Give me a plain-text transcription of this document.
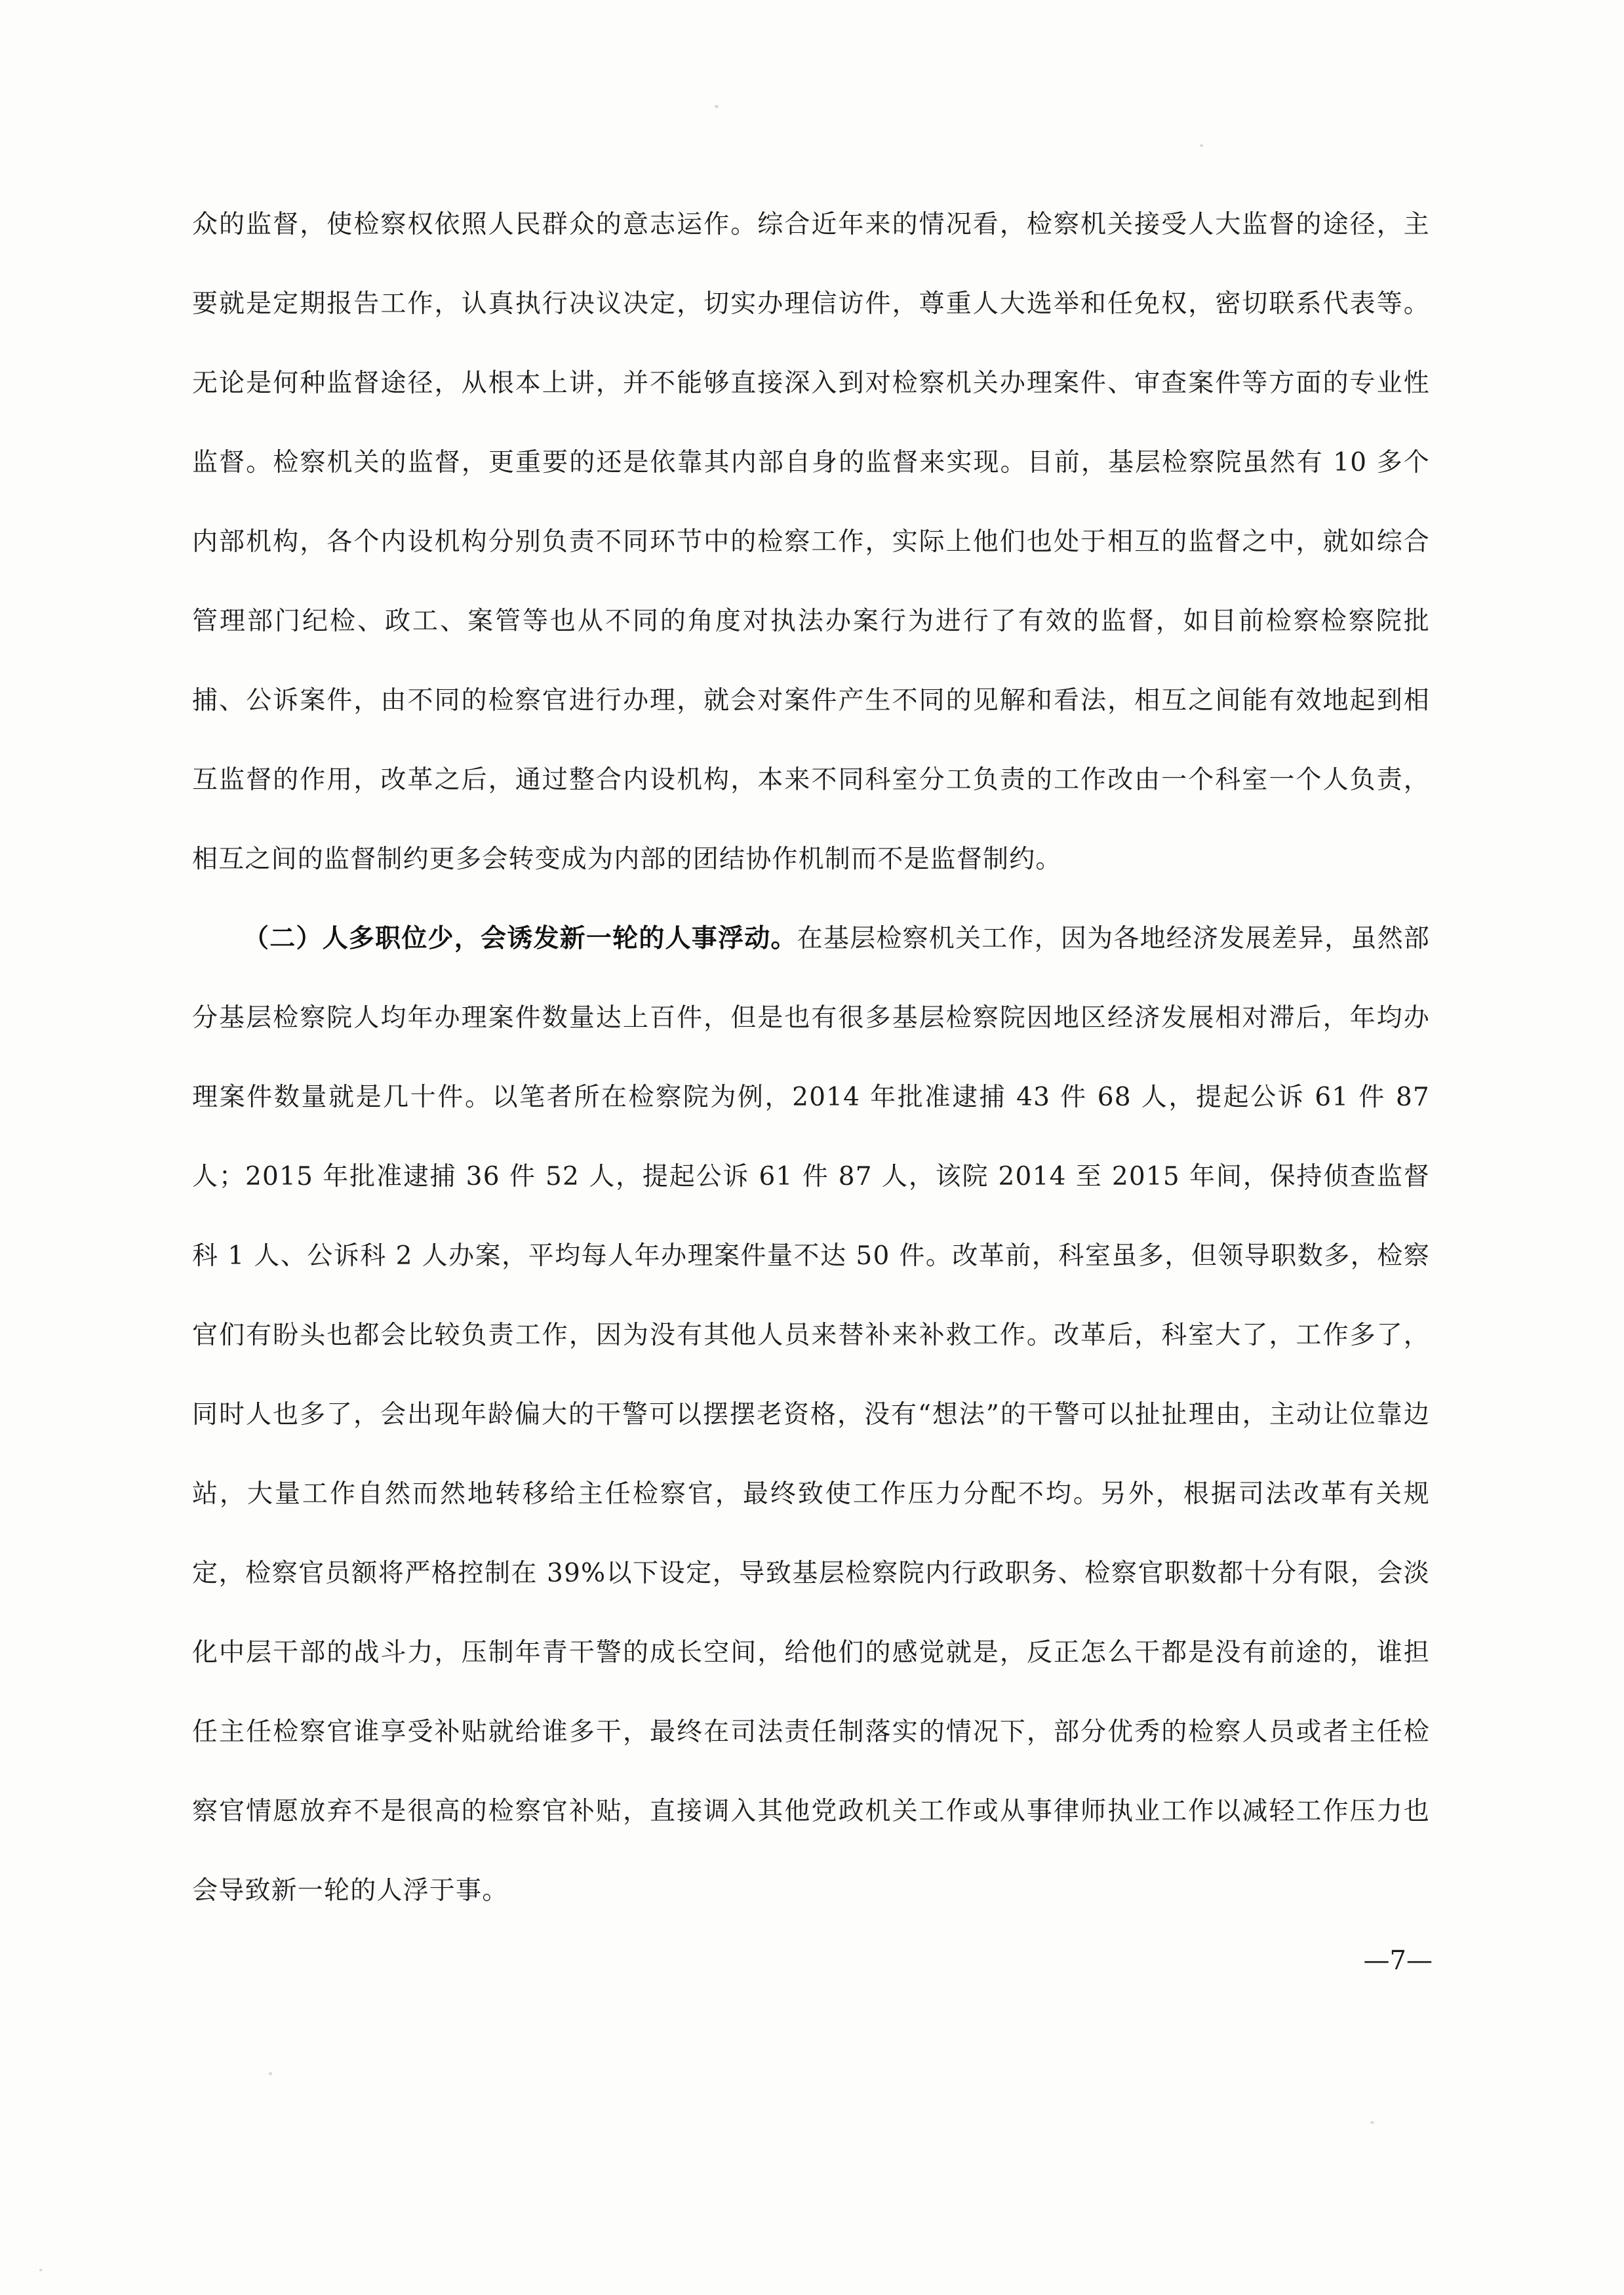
众的监督，使检察权依照人民群众的意志运作。综合近年来的情况看，检察机关接受人大监督的途径，主要就是定期报告工作，认真执行决议决定，切实办理信访件，尊重人大选举和任免权，密切联系代表等。无论是何种监督途径，从根本上讲，并不能够直接深入到对检察机关办理案件、审查案件等方面的专业性监督。检察机关的监督，更重要的还是依靠其内部自身的监督来实现。目前，基层检察院虽然有 10 多个内部机构，各个内设机构分别负责不同环节中的检察工作，实际上他们也处于相互的监督之中，就如综合管理部门纪检、政工、案管等也从不同的角度对执法办案行为进行了有效的监督，如目前检察检察院批捕、公诉案件，由不同的检察官进行办理，就会对案件产生不同的见解和看法，相互之间能有效地起到相互监督的作用，改革之后，通过整合内设机构，本来不同科室分工负责的工作改由一个科室一个人负责，相互之间的监督制约更多会转变成为内部的团结协作机制而不是监督制约。

（二）人多职位少，会诱发新一轮的人事浮动。在基层检察机关工作，因为各地经济发展差异，虽然部分基层检察院人均年办理案件数量达上百件，但是也有很多基层检察院因地区经济发展相对滞后，年均办理案件数量就是几十件。以笔者所在检察院为例，2014 年批准逮捕 43 件 68 人，提起公诉 61 件 87 人；2015 年批准逮捕 36 件 52 人，提起公诉 61 件 87 人，该院 2014 至 2015 年间，保持侦查监督科 1 人、公诉科 2 人办案，平均每人年办理案件量不达 50 件。改革前，科室虽多，但领导职数多，检察官们有盼头也都会比较负责工作，因为没有其他人员来替补来补救工作。改革后，科室大了，工作多了，同时人也多了，会出现年龄偏大的干警可以摆摆老资格，没有“想法”的干警可以扯扯理由，主动让位靠边站，大量工作自然而然地转移给主任检察官，最终致使工作压力分配不均。另外，根据司法改革有关规定，检察官员额将严格控制在 39%以下设定，导致基层检察院内行政职务、检察官职数都十分有限，会淡化中层干部的战斗力，压制年青干警的成长空间，给他们的感觉就是，反正怎么干都是没有前途的，谁担任主任检察官谁享受补贴就给谁多干，最终在司法责任制落实的情况下，部分优秀的检察人员或者主任检察官情愿放弃不是很高的检察官补贴，直接调入其他党政机关工作或从事律师执业工作以减轻工作压力也会导致新一轮的人浮于事。

—7—
